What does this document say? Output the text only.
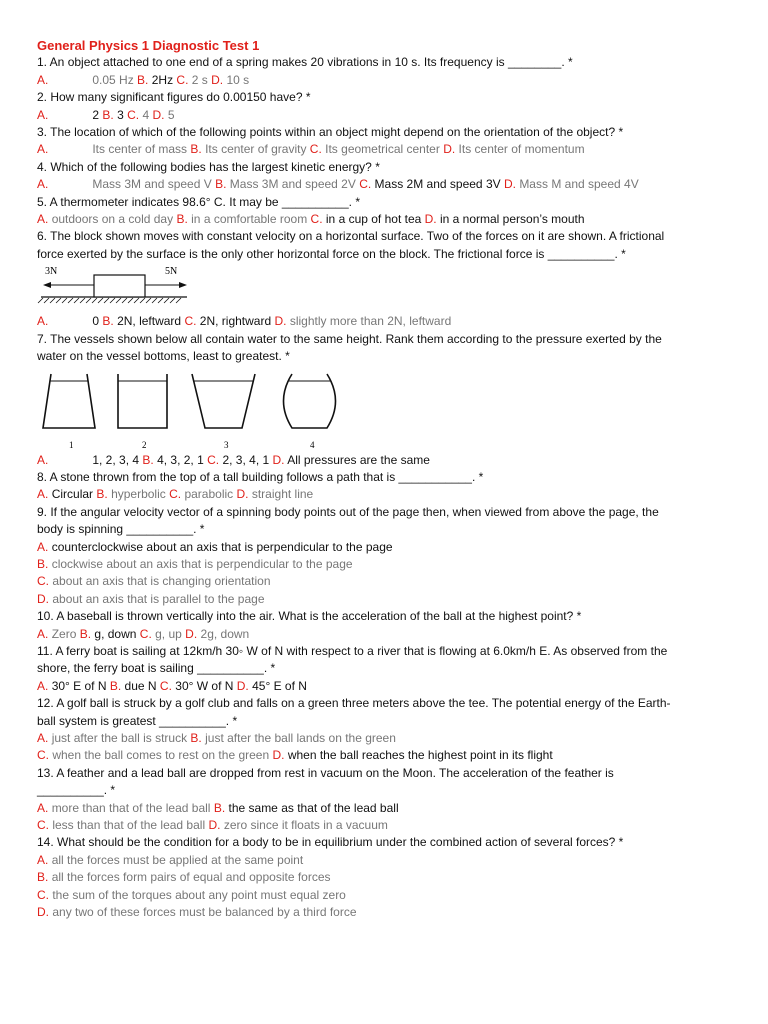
General Physics 1 Diagnostic Test 1
1. An object attached to one end of a spring makes 20 vibrations in 10 s. Its frequency is ________. *
A.	0.05 Hz B. 2Hz C. 2 s D. 10 s
2. How many significant figures do 0.00150 have? *
A.	2 B. 3 C. 4 D. 5
3. The location of which of the following points within an object might depend on the orientation of the object? *
A.	Its center of mass B. Its center of gravity C. Its geometrical center D. Its center of momentum
4. Which of the following bodies has the largest kinetic energy? *
A.	Mass 3M and speed V B. Mass 3M and speed 2V C. Mass 2M and speed 3V D. Mass M and speed 4V
5. A thermometer indicates 98.6° C. It may be __________. *
A. outdoors on a cold day B. in a comfortable room C. in a cup of hot tea D. in a normal person’s mouth
6. The block shown moves with constant velocity on a horizontal surface. Two of the forces on it are shown. A frictional
force exerted by the surface is the only other horizontal force on the block. The frictional force is __________. *
3N	5N
A.	0 B. 2N, leftward C. 2N, rightward D. slightly more than 2N, leftward
7. The vessels shown below all contain water to the same height. Rank them according to the pressure exerted by the
water on the vessel bottoms, least to greatest. *
1	2	3	4
A.	1, 2, 3, 4 B. 4, 3, 2, 1 C. 2, 3, 4, 1 D. All pressures are the same
8. A stone thrown from the top of a tall building follows a path that is ___________. *
A. Circular B. hyperbolic C. parabolic D. straight line
9. If the angular velocity vector of a spinning body points out of the page then, when viewed from above the page, the
body is spinning __________. *
A. counterclockwise about an axis that is perpendicular to the page
B. clockwise about an axis that is perpendicular to the page
C. about an axis that is changing orientation
D. about an axis that is parallel to the page
10. A baseball is thrown vertically into the air. What is the acceleration of the ball at the highest point? *
A. Zero B. g, down C. g, up D. 2g, down
11. A ferry boat is sailing at 12km/h 30◦ W of N with respect to a river that is flowing at 6.0km/h E. As observed from the
shore, the ferry boat is sailing __________. *
A. 30° E of N B. due N C. 30° W of N D. 45° E of N
12. A golf ball is struck by a golf club and falls on a green three meters above the tee. The potential energy of the Earth-
ball system is greatest __________. *
A. just after the ball is struck B. just after the ball lands on the green
C. when the ball comes to rest on the green D. when the ball reaches the highest point in its flight
13. A feather and a lead ball are dropped from rest in vacuum on the Moon. The acceleration of the feather is
__________. *
A. more than that of the lead ball B. the same as that of the lead ball
C. less than that of the lead ball D. zero since it floats in a vacuum
14. What should be the condition for a body to be in equilibrium under the combined action of several forces? *
A. all the forces must be applied at the same point
B. all the forces form pairs of equal and opposite forces
C. the sum of the torques about any point must equal zero
D. any two of these forces must be balanced by a third force
